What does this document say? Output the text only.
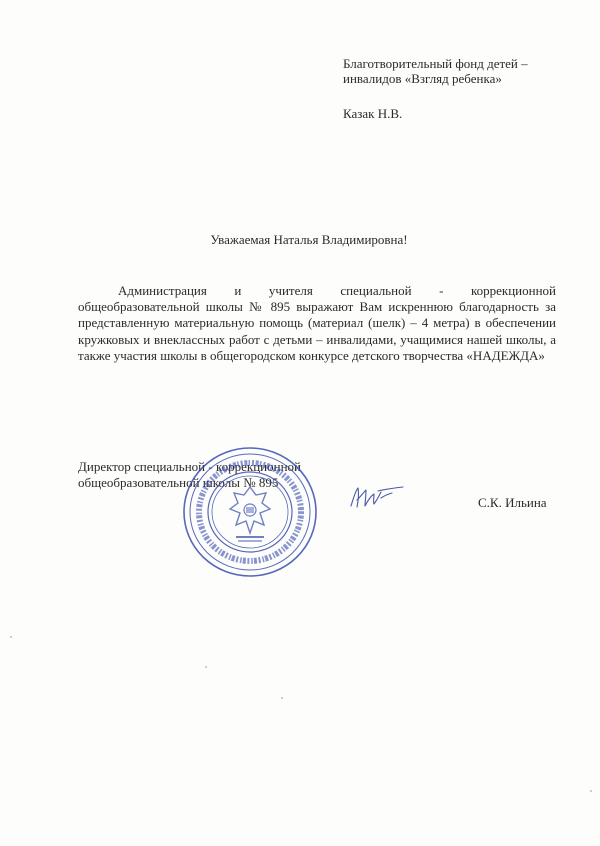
Благотворительный фонд детей –
инвалидов «Взгляд ребенка»
Казак Н.В.
Уважаемая Наталья Владимировна!

Администрация и учителя специальной - коррекционной общеобразовательной школы № 895 выражают Вам искреннюю благодарность за представленную материальную помощь (материал (шелк) – 4 метра) в обеспечении кружковых и внеклассных работ с детьми – инвалидами, учащимися нашей школы, а также участия школы в общегородском конкурсе детского творчества «НАДЕЖДА»

Директор специальной - коррекционной
общеобразовательной школы № 895
С.К. Ильина
